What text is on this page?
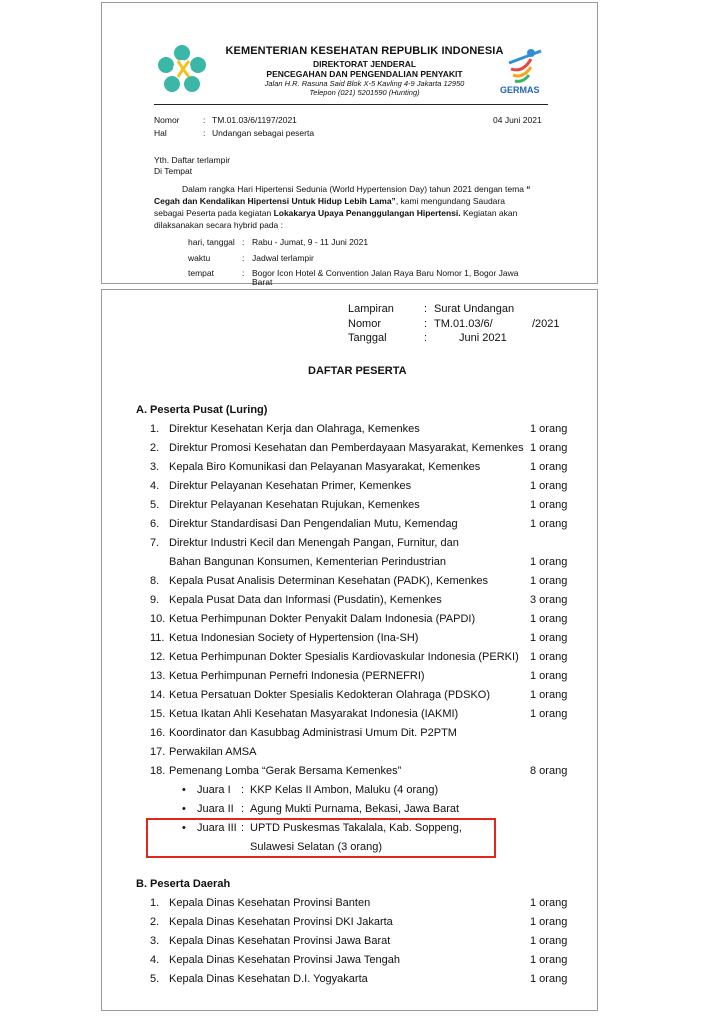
KEMENTERIAN KESEHATAN REPUBLIK INDONESIA
DIREKTORAT JENDERAL
PENCEGAHAN DAN PENGENDALIAN PENYAKIT
Jalan H.R. Rasuna Said Blok X-5 Kavling 4-9 Jakarta 12950
Telepon (021) 5201590 (Hunting)	GERMAS
Nomor	: TM.01.03/6/1197/2021	04 Juni 2021
Hal	: Undangan sebagai peserta
Yth. Daftar terlampir
Di Tempat
Dalam rangka Hari Hipertensi Sedunia (World Hypertension Day) tahun 2021 dengan tema “
Cegah dan Kendalikan Hipertensi Untuk Hidup Lebih Lama”, kami mengundang Saudara
sebagai Peserta pada kegiatan Lokakarya Upaya Penanggulangan Hipertensi. Kegiatan akan
dilaksanakan secara hybrid pada :
hari, tanggal : Rabu - Jumat, 9 - 11 Juni 2021
waktu	: Jadwal terlampir
tempat	: Bogor Icon Hotel & Convention Jalan Raya Baru Nomor 1, Bogor Jawa
Barat
Lampiran	: Surat Undangan
Nomor	: TM.01.03/6/	/2021
Tanggal	:	Juni 2021
DAFTAR PESERTA
A. Peserta Pusat (Luring)
1. Direktur Kesehatan Kerja dan Olahraga, Kemenkes	1 orang
2. Direktur Promosi Kesehatan dan Pemberdayaan Masyarakat, Kemenkes 1 orang
3. Kepala Biro Komunikasi dan Pelayanan Masyarakat, Kemenkes	1 orang
4. Direktur Pelayanan Kesehatan Primer, Kemenkes	1 orang
5. Direktur Pelayanan Kesehatan Rujukan, Kemenkes	1 orang
6. Direktur Standardisasi Dan Pengendalian Mutu, Kemendag	1 orang
7. Direktur Industri Kecil dan Menengah Pangan, Furnitur, dan
Bahan Bangunan Konsumen, Kementerian Perindustrian	1 orang
8. Kepala Pusat Analisis Determinan Kesehatan (PADK), Kemenkes	1 orang
9. Kepala Pusat Data dan Informasi (Pusdatin), Kemenkes	3 orang
10. Ketua Perhimpunan Dokter Penyakit Dalam Indonesia (PAPDI)	1 orang
11. Ketua Indonesian Society of Hypertension (Ina-SH)	1 orang
12. Ketua Perhimpunan Dokter Spesialis Kardiovaskular Indonesia (PERKI) 1 orang
13. Ketua Perhimpunan Pernefri Indonesia (PERNEFRI)	1 orang
14. Ketua Persatuan Dokter Spesialis Kedokteran Olahraga (PDSKO)	1 orang
15. Ketua Ikatan Ahli Kesehatan Masyarakat Indonesia (IAKMI)	1 orang
16. Koordinator dan Kasubbag Administrasi Umum Dit. P2PTM
17. Perwakilan AMSA
18. Pemenang Lomba “Gerak Bersama Kemenkes”	8 orang
• Juara I : KKP Kelas II Ambon, Maluku (4 orang)
• Juara II : Agung Mukti Purnama, Bekasi, Jawa Barat
• Juara III : UPTD Puskesmas Takalala, Kab. Soppeng,
Sulawesi Selatan (3 orang)
1. Kepala Dinas Kesehatan Provinsi Banten	1 orang
2. Kepala Dinas Kesehatan Provinsi DKI Jakarta	1 orang
3. Kepala Dinas Kesehatan Provinsi Jawa Barat	1 orang
4. Kepala Dinas Kesehatan Provinsi Jawa Tengah	1 orang
5. Kepala Dinas Kesehatan D.I. Yogyakarta	1 orang
B. Peserta Daerah
